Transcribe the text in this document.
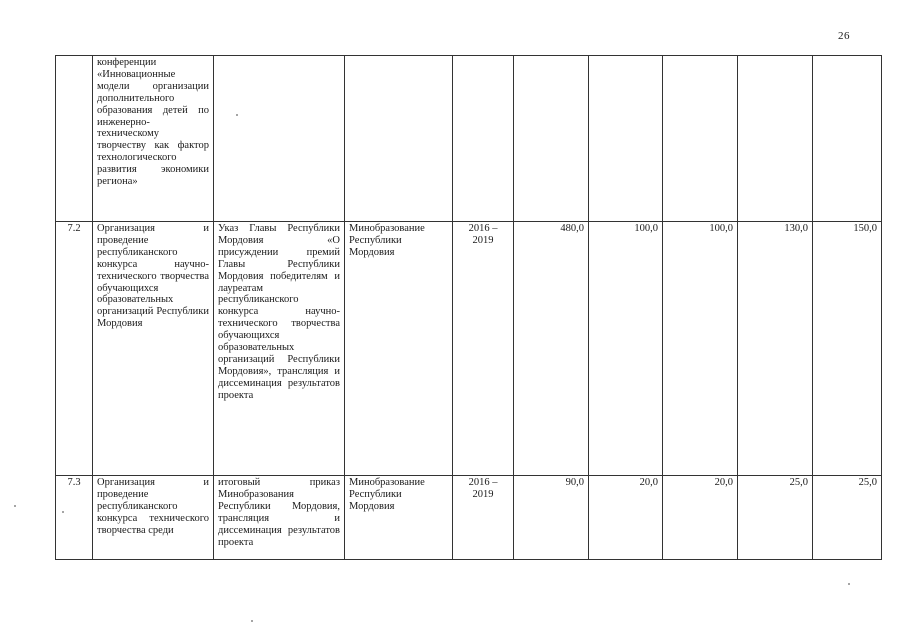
26

	конференции «Инновационные модели организации дополнительного образования детей по инженерно-техническому творчеству как фактор технологического развития экономики региона»								

7.2	Организация и проведение республиканского конкурса научно-технического творчества обучающихся образовательных организаций Республики Мордовия	Указ Главы Республики Мордовия «О присуждении премий Главы Республики Мордовия победителям и лауреатам республиканского конкурса научно-технического творчества обучающихся образовательных организаций Республики Мордовия», трансляция и диссеминация результатов проекта	Минобразование Республики Мордовия	2016 – 2019	480,0	100,0	100,0	130,0	150,0
7.3	Организация и проведение республиканского конкурса технического творчества среди	итоговый приказ Минобразования Республики Мордовия, трансляция и диссеминация результатов проекта	Минобразование Республики Мордовия	2016 – 2019	90,0	20,0	20,0	25,0	25,0
